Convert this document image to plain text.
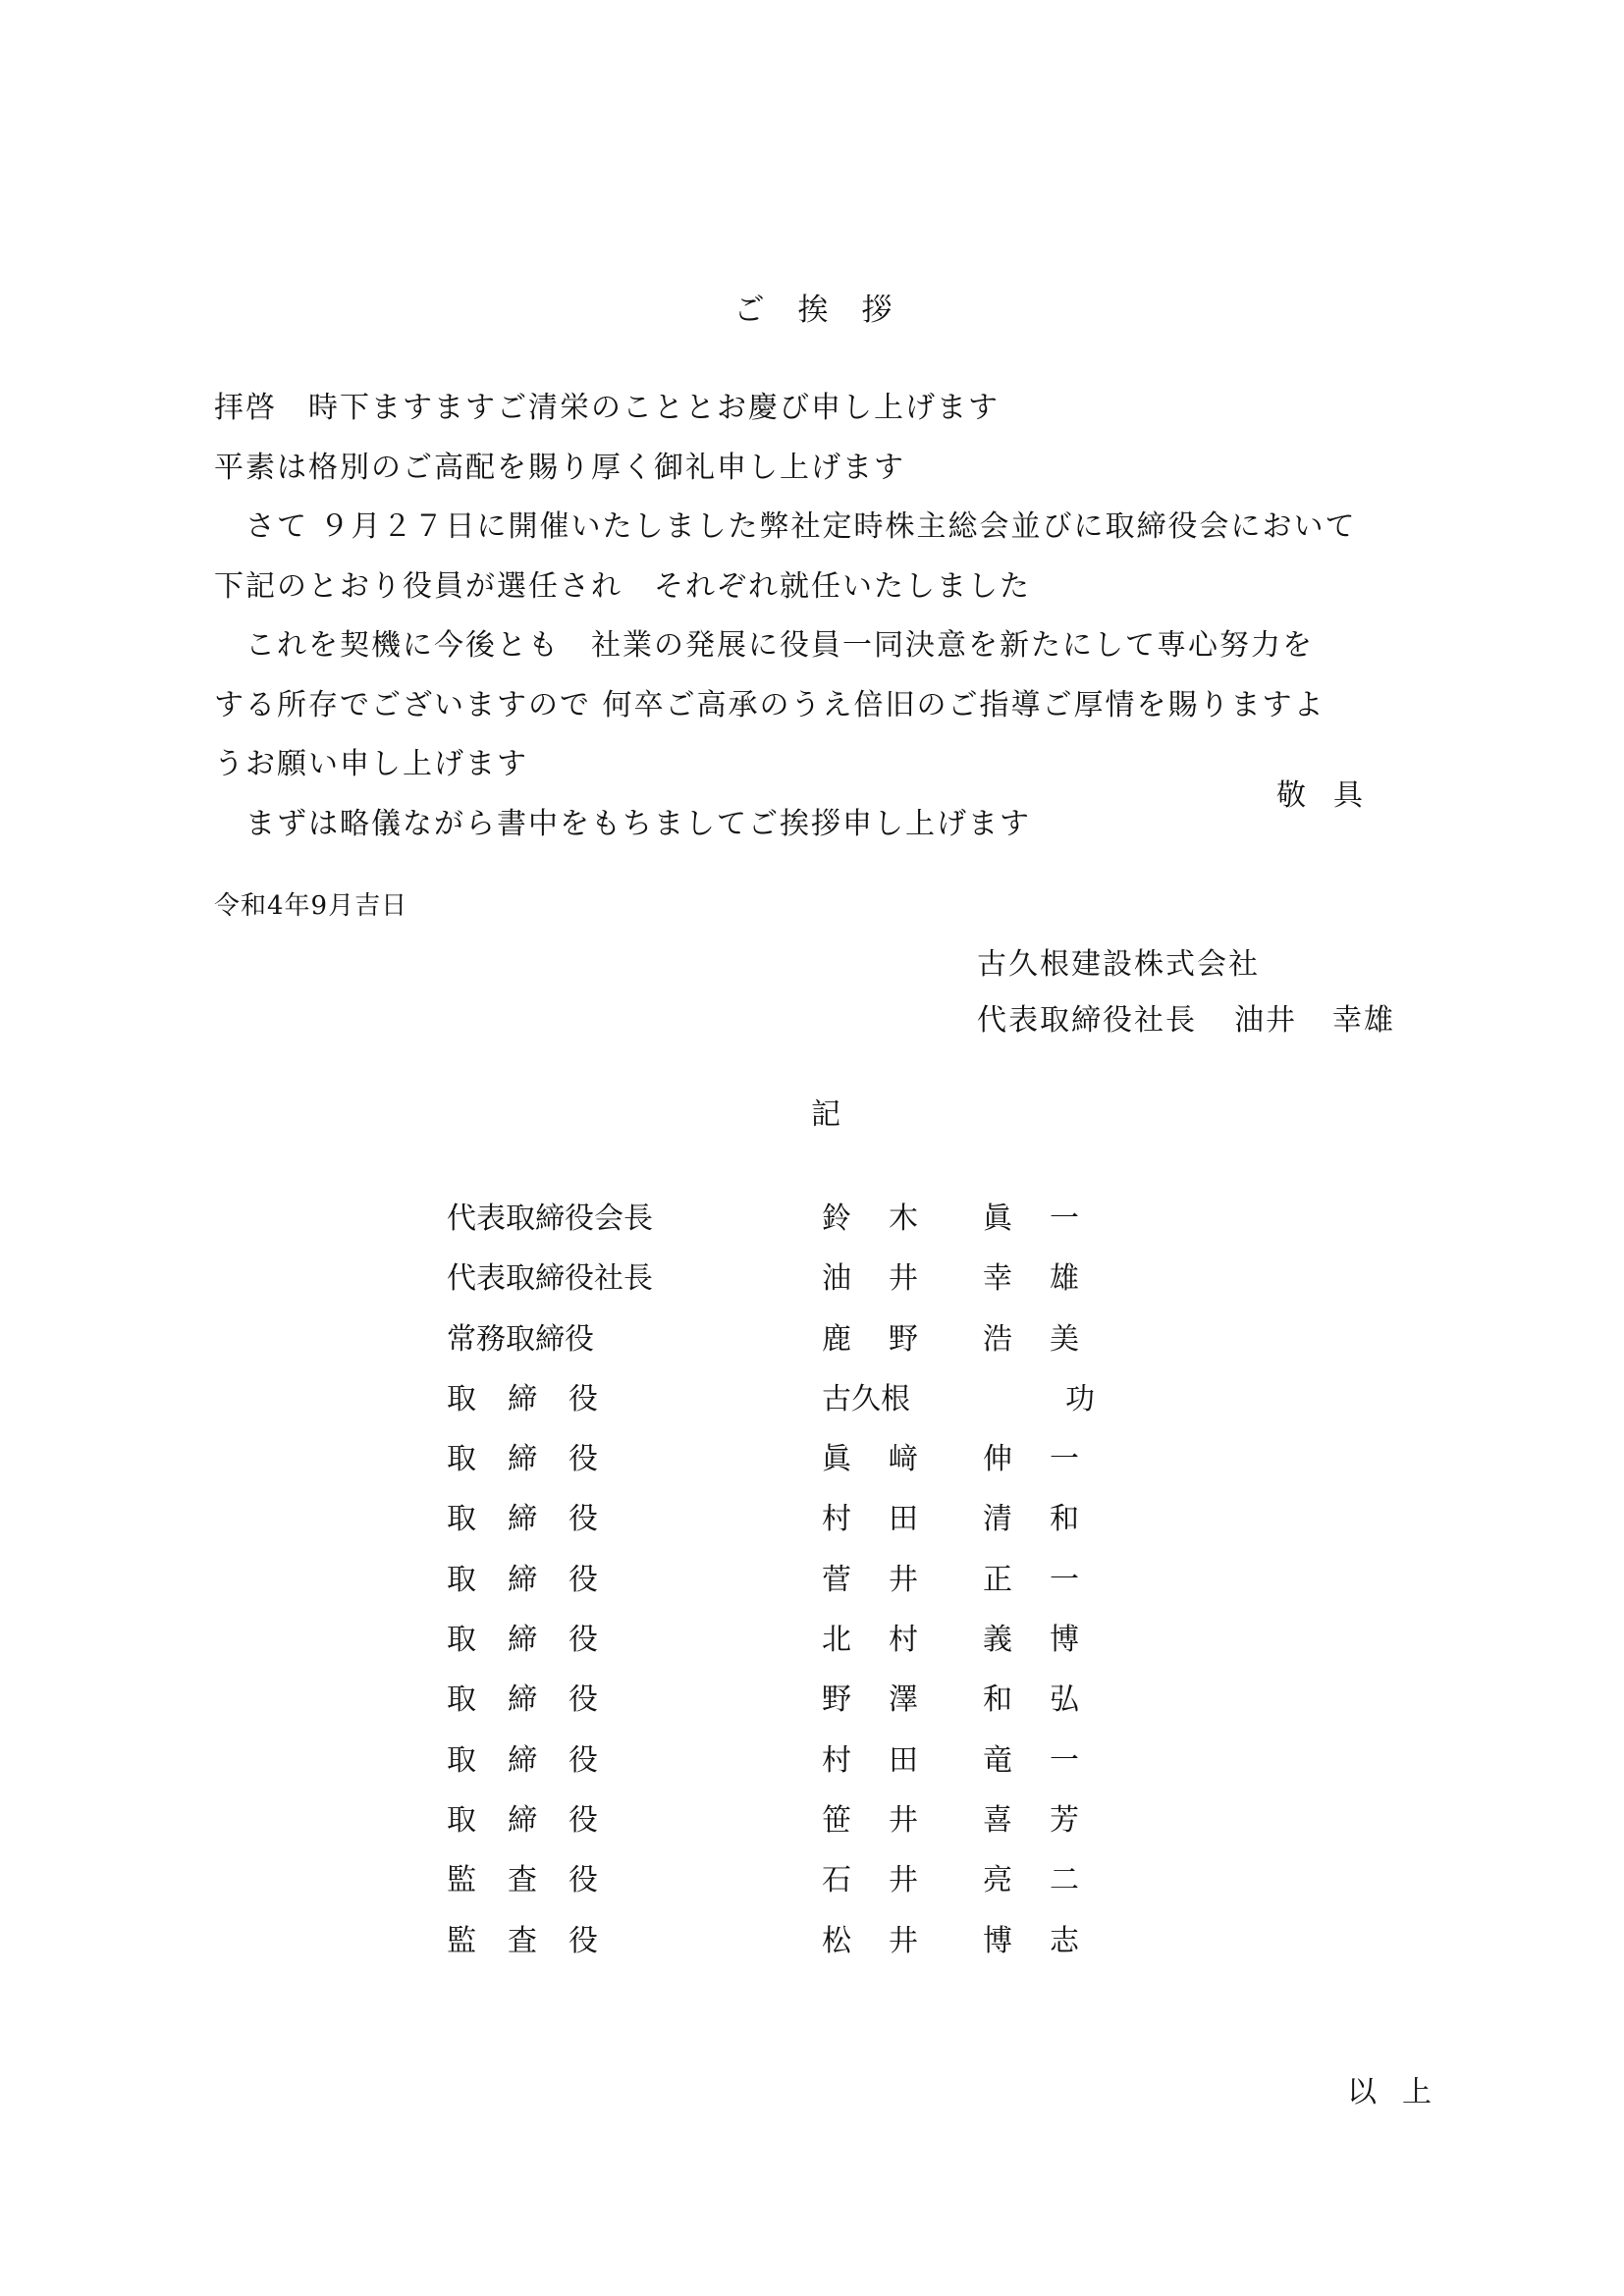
ご挨拶
拝啓　時下ますますご清栄のこととお慶び申し上げます
平素は格別のご高配を賜り厚く御礼申し上げます
　さて ９月２７日に開催いたしました弊社定時株主総会並びに取締役会において
下記のとおり役員が選任され　それぞれ就任いたしました
　これを契機に今後とも　社業の発展に役員一同決意を新たにして専心努力を
する所存でございますので 何卒ご高承のうえ倍旧のご指導ご厚情を賜りますよ
うお願い申し上げます
　まずは略儀ながら書中をもちましてご挨拶申し上げます
敬具
令和4年9月吉日
古久根建設株式会社
代表取締役社長 油井 幸雄
記
代表取締役会長	鈴木 眞一
代表取締役社長	油井 幸雄
常務取締役	鹿野 浩美
取締役	古久根	功
取締役	眞﨑 伸一
取締役	村田 清和
取締役	菅井 正一
取締役	北村 義博
取締役	野澤 和弘
取締役	村田 竜一
取締役	笹井 喜芳
監査役	石井 亮二
監査役	松井 博志
以上
